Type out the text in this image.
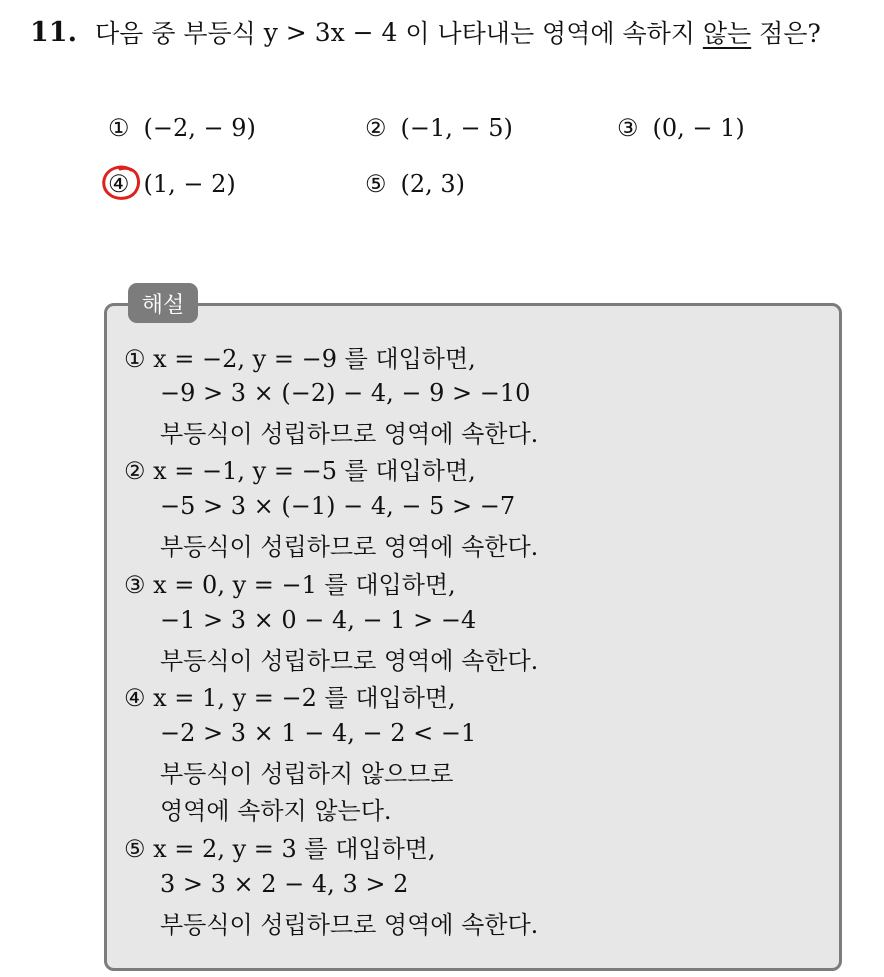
11. 다음 중 부등식
y > 3x − 4
이 나타내는 영역에 속하지
않는
점은?
① (−2, − 9)	② (−1, − 5)	③ (0, − 1)
④ (1, − 2)	⑤ (2, 3)
해설
① x = −2, y = −9 를 대입하면,
−9 > 3 × (−2) − 4, − 9 > −10
부등식이 성립하므로 영역에 속한다.
② x = −1, y = −5 를 대입하면,
−5 > 3 × (−1) − 4, − 5 > −7
부등식이 성립하므로 영역에 속한다.
③ x = 0, y = −1 를 대입하면,
−1 > 3 × 0 − 4, − 1 > −4
부등식이 성립하므로 영역에 속한다.
④ x = 1, y = −2 를 대입하면,
−2 > 3 × 1 − 4, − 2 < −1
부등식이 성립하지 않으므로
영역에 속하지 않는다.
⑤ x = 2, y = 3 를 대입하면,
3 > 3 × 2 − 4, 3 > 2
부등식이 성립하므로 영역에 속한다.
